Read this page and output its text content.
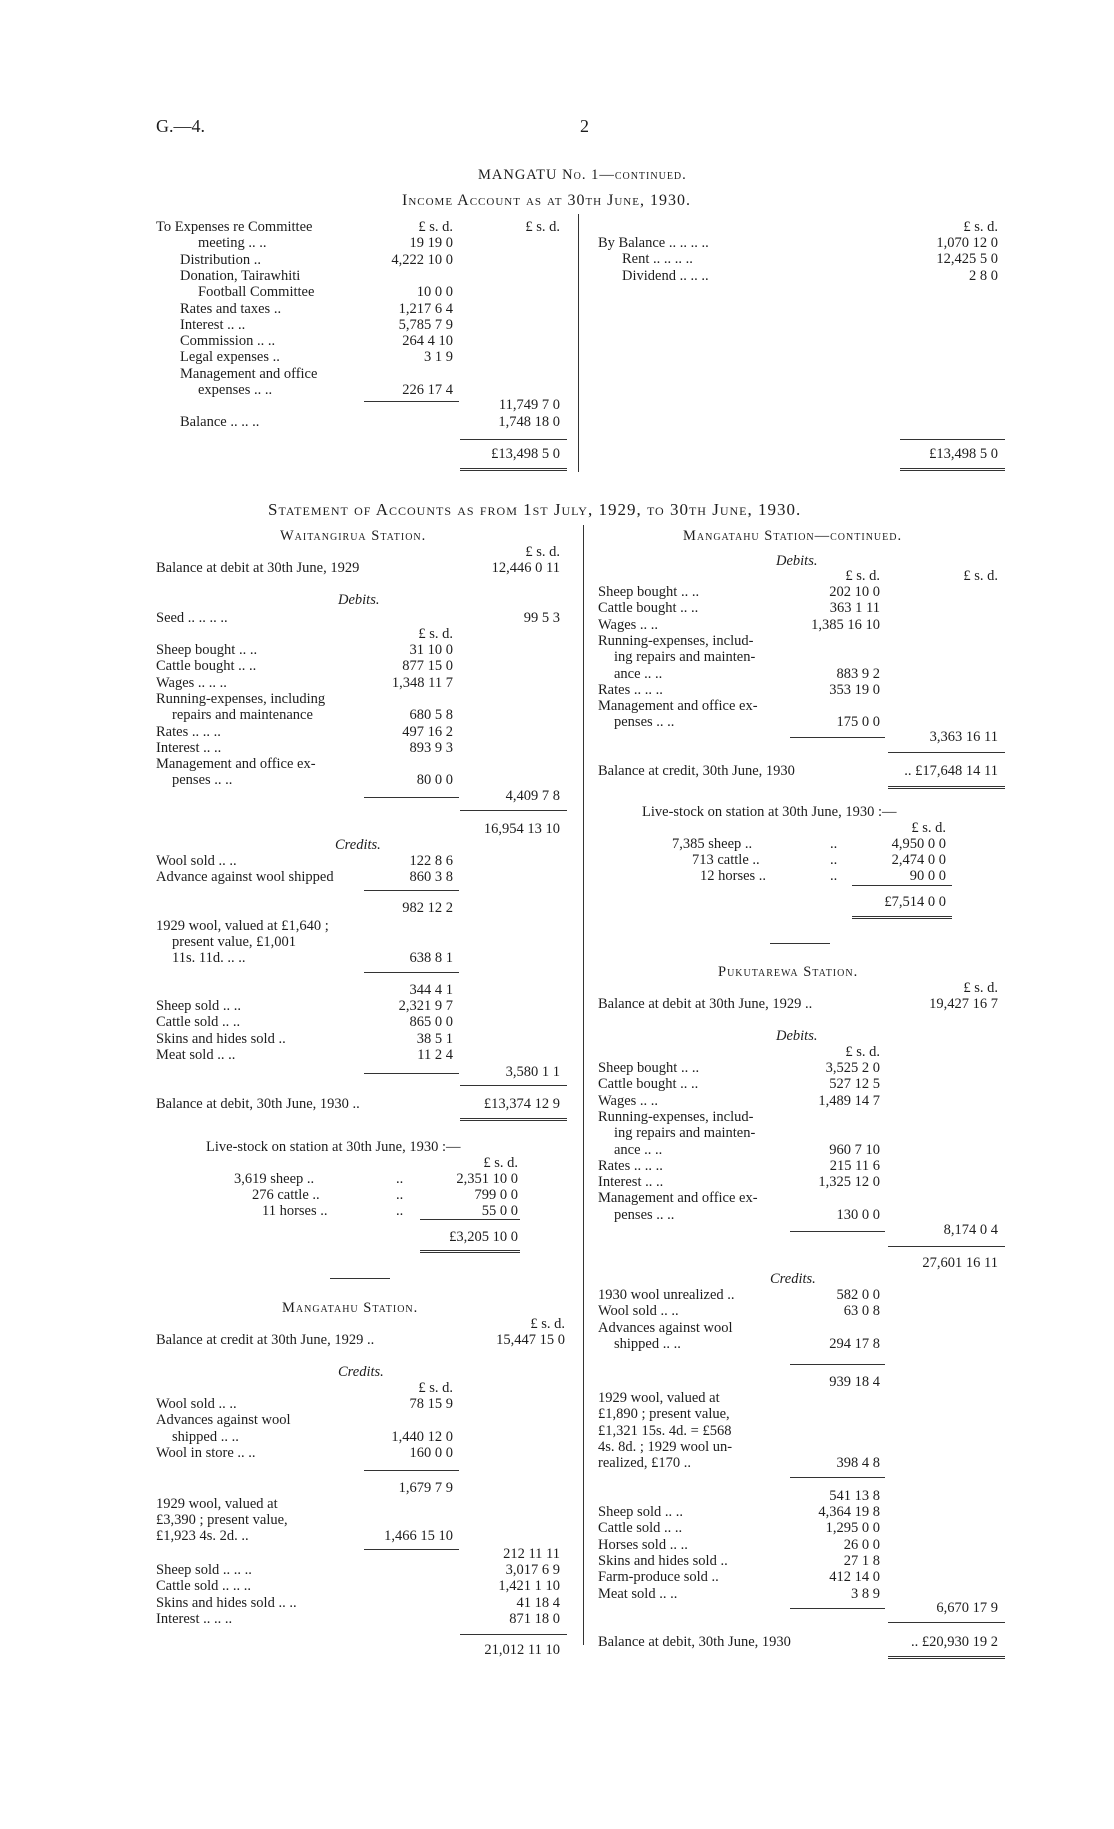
G.—4.	2
MANGATU No. 1—continued.
Income Account as at 30th June, 1930.
£ s. d.	£ s. d.
To Expenses re Committee
meeting .. ..	19 19 0
Distribution ..	4,222 10 0
Donation, Tairawhiti
Football Committee	10 0 0
Rates and taxes ..	1,217 6 4
Interest .. ..	5,785 7 9
Commission .. ..	264 4 10
Legal expenses ..	3 1 9
Management and office
expenses .. ..	226 17 4
11,749 7 0
Balance .. .. ..	1,748 18 0
£13,498 5 0
£ s. d.
By Balance .. .. .. ..	1,070 12 0
Rent .. .. .. ..	12,425 5 0
Dividend .. .. ..	2 8 0
£13,498 5 0
Statement of Accounts as from 1st July, 1929, to 30th June, 1930.
Waitangirua Station.
£ s. d.
Balance at debit at 30th June, 1929	12,446 0 11
Debits.
Seed .. .. .. ..	99 5 3
£ s. d.
Sheep bought .. ..	31 10 0
Cattle bought .. ..	877 15 0
Wages .. .. ..	1,348 11 7
Running-expenses, including
repairs and maintenance	680 5 8
Rates .. .. ..	497 16 2
Interest .. ..	893 9 3
Management and office ex-
penses .. ..	80 0 0
4,409 7 8
16,954 13 10
Credits.
Wool sold .. ..	122 8 6
Advance against wool shipped	860 3 8
982 12 2
1929 wool, valued at £1,640 ;
present value, £1,001
11s. 11d. .. ..	638 8 1
344 4 1
Sheep sold .. ..	2,321 9 7
Cattle sold .. ..	865 0 0
Skins and hides sold ..	38 5 1
Meat sold .. ..	11 2 4
3,580 1 1
Balance at debit, 30th June, 1930 ..	£13,374 12 9
Live-stock on station at 30th June, 1930 :—
£ s. d.
3,619 sheep ..	..	2,351 10 0
276 cattle ..	..	799 0 0
11 horses ..	..	55 0 0
£3,205 10 0
Mangatahu Station.
£ s. d.
Balance at credit at 30th June, 1929 ..	15,447 15 0
Credits.
£ s. d.
Wool sold .. ..	78 15 9
Advances against wool
shipped .. ..	1,440 12 0
Wool in store .. ..	160 0 0
1,679 7 9
1929 wool, valued at
£3,390 ; present value,
£1,923 4s. 2d. ..	1,466 15 10
212 11 11
Sheep sold .. .. ..	3,017 6 9
Cattle sold .. .. ..	1,421 1 10
Skins and hides sold .. ..	41 18 4
Interest .. .. ..	871 18 0
21,012 11 10
Mangatahu Station—continued.
Debits.
£ s. d.	£ s. d.
Sheep bought .. ..	202 10 0
Cattle bought .. ..	363 1 11
Wages .. ..	1,385 16 10
Running-expenses, includ-
ing repairs and mainten-
ance .. ..	883 9 2
Rates .. .. ..	353 19 0
Management and office ex-
penses .. ..	175 0 0
3,363 16 11
Balance at credit, 30th June, 1930	.. £17,648 14 11
Live-stock on station at 30th June, 1930 :—
£ s. d.
7,385 sheep ..	..	4,950 0 0
713 cattle ..	..	2,474 0 0
12 horses ..	..	90 0 0
£7,514 0 0
Pukutarewa Station.
£ s. d.
Balance at debit at 30th June, 1929 ..	19,427 16 7
Debits.
£ s. d.
Sheep bought .. ..	3,525 2 0
Cattle bought .. ..	527 12 5
Wages .. ..	1,489 14 7
Running-expenses, includ-
ing repairs and mainten-
ance .. ..	960 7 10
Rates .. .. ..	215 11 6
Interest .. ..	1,325 12 0
Management and office ex-
penses .. ..	130 0 0
8,174 0 4
27,601 16 11
Credits.
1930 wool unrealized ..	582 0 0
Wool sold .. ..	63 0 8
Advances against wool
shipped .. ..	294 17 8
939 18 4
1929 wool, valued at
£1,890 ; present value,
£1,321 15s. 4d. = £568
4s. 8d. ; 1929 wool un-
realized, £170 ..	398 4 8
541 13 8
Sheep sold .. ..	4,364 19 8
Cattle sold .. ..	1,295 0 0
Horses sold .. ..	26 0 0
Skins and hides sold ..	27 1 8
Farm-produce sold ..	412 14 0
Meat sold .. ..	3 8 9
6,670 17 9
Balance at debit, 30th June, 1930	.. £20,930 19 2
